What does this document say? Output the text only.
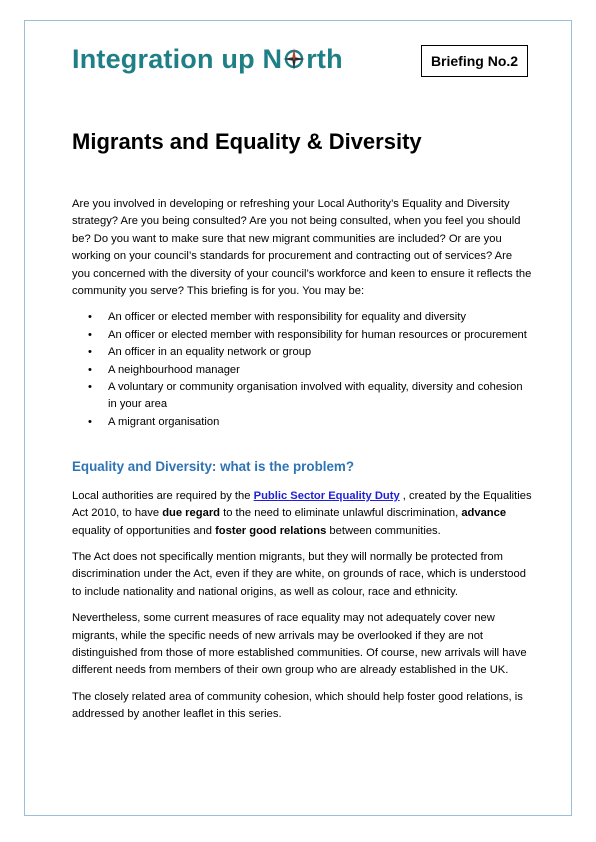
Integration up N rth	Briefing No.2
Migrants and Equality & Diversity

Are you involved in developing or refreshing your Local Authority’s Equality and Diversity strategy? Are you being consulted? Are you not being consulted, when you feel you should be? Do you want to make sure that new migrant communities are included? Or are you working on your council’s standards for procurement and contracting out of services? Are you concerned with the diversity of your council’s workforce and keen to ensure it reflects the community you serve? This briefing is for you. You may be:

• An officer or elected member with responsibility for equality and diversity
• An officer or elected member with responsibility for human resources or procurement
• An officer in an equality network or group
• A neighbourhood manager
• A voluntary or community organisation involved with equality, diversity and cohesion in your area
• A migrant organisation
Equality and Diversity: what is the problem?

Local authorities are required by the Public Sector Equality Duty , created by the Equalities Act 2010, to have due regard to the need to eliminate unlawful discrimination, advance equality of opportunities and foster good relations between communities.

The Act does not specifically mention migrants, but they will normally be protected from discrimination under the Act, even if they are white, on grounds of race, which is understood to include nationality and national origins, as well as colour, race and ethnicity.

Nevertheless, some current measures of race equality may not adequately cover new migrants, while the specific needs of new arrivals may be overlooked if they are not distinguished from those of more established communities. Of course, new arrivals will have different needs from members of their own group who are already established in the UK.

The closely related area of community cohesion, which should help foster good relations, is addressed by another leaflet in this series.
